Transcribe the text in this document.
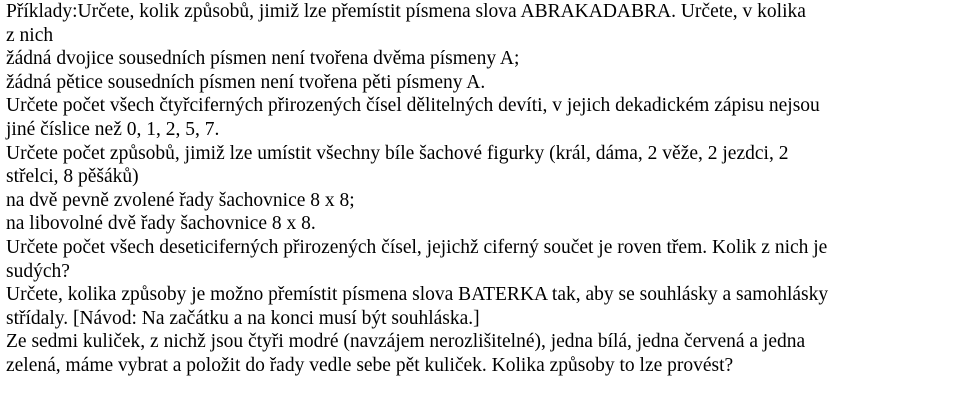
Příklady:Určete, kolik způsobů, jimiž lze přemístit písmena slova ABRAKADABRA. Určete, v kolika
z nich
žádná dvojice sousedních písmen není tvořena dvěma písmeny A;
žádná pětice sousedních písmen není tvořena pěti písmeny A.
Určete počet všech čtyřciferných přirozených čísel dělitelných devíti, v jejich dekadickém zápisu nejsou
jiné číslice než 0, 1, 2, 5, 7.
Určete počet způsobů, jimiž lze umístit všechny bíle šachové figurky (král, dáma, 2 věže, 2 jezdci, 2
střelci, 8 pěšáků)
na dvě pevně zvolené řady šachovnice 8 x 8;
na libovolné dvě řady šachovnice 8 x 8.
Určete počet všech deseticiferných přirozených čísel, jejichž ciferný součet je roven třem. Kolik z nich je
sudých?
Určete, kolika způsoby je možno přemístit písmena slova BATERKA tak, aby se souhlásky a samohlásky
střídaly. [Návod: Na začátku a na konci musí být souhláska.]
Ze sedmi kuliček, z nichž jsou čtyři modré (navzájem nerozlišitelné), jedna bílá, jedna červená a jedna
zelená, máme vybrat a položit do řady vedle sebe pět kuliček. Kolika způsoby to lze provést?
